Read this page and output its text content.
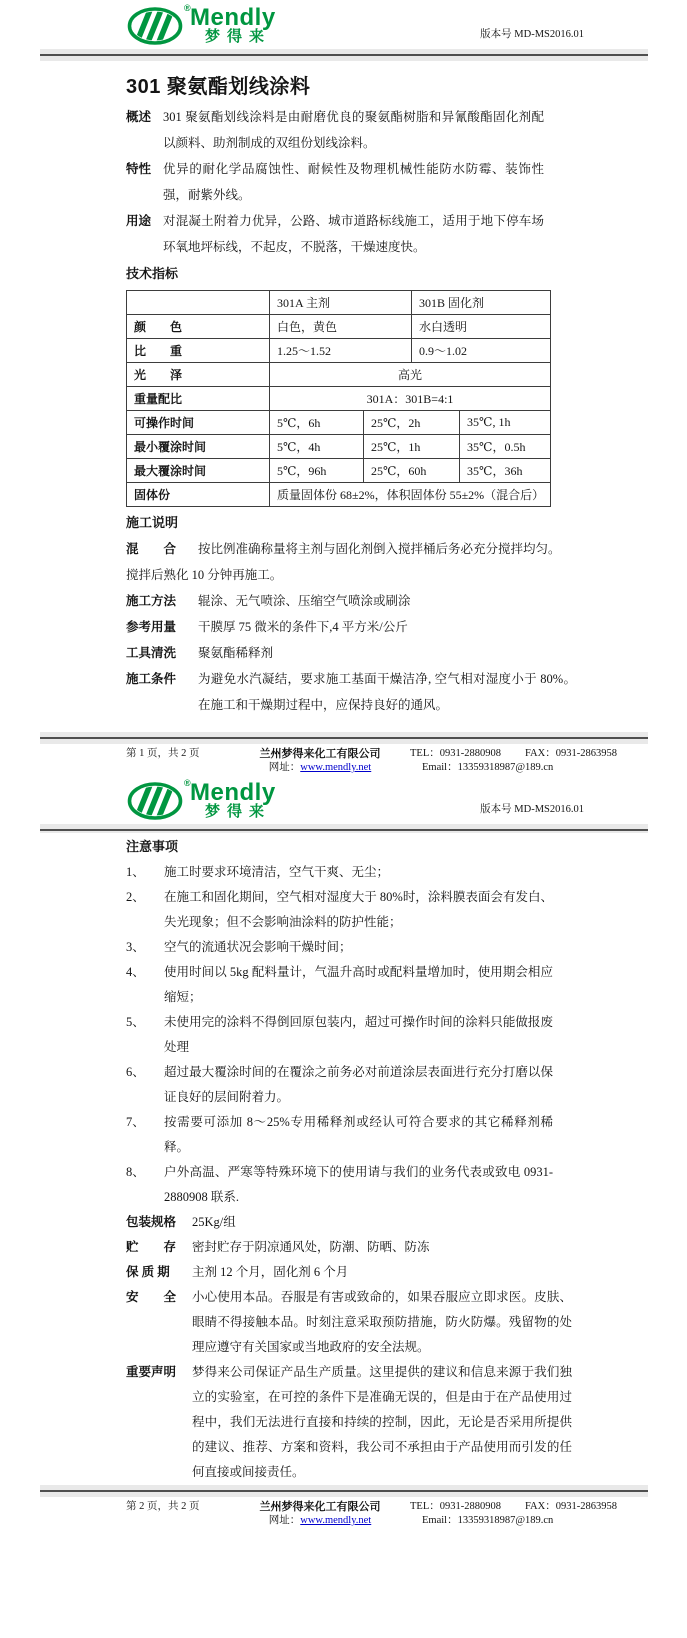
® Mendly
梦得来	版本号 MD-MS2016.01
301 聚氨酯划线涂料
概述 301 聚氨酯划线涂料是由耐磨优良的聚氨酯树脂和异氰酸酯固化剂配以颜料、助剂制成的双组份划线涂料。
特性 优异的耐化学品腐蚀性、耐候性及物理机械性能防水防霉、装饰性强，耐紫外线。
用途 对混凝土附着力优异，公路、城市道路标线施工，适用于地下停车场环氧地坪标线，不起皮，不脱落，干燥速度快。
技术指标
	301A 主剂		301B 固化剂	
颜　　色	白色，黄色		水白透明	
比　　重	1.25～1.52		0.9～1.02	
光　　泽	高光			
重量配比	301A：301B=4:1			
可操作时间	5℃，6h	25℃，2h		35℃, 1h
最小覆涂时间	5℃，4h	25℃，1h		35℃，0.5h
最大覆涂时间	5℃，96h	25℃，60h		35℃，36h
固体份	质量固体份 68±2%，体积固体份 55±2%（混合后）			
施工说明
混　　合	按比例准确称量将主剂与固化剂倒入搅拌桶后务必充分搅拌均匀。
搅拌后熟化 10 分钟再施工。
施工方法	辊涂、无气喷涂、压缩空气喷涂或刷涂
参考用量	干膜厚 75 微米的条件下,4 平方米/公斤
工具清洗	聚氨酯稀释剂
施工条件	为避免水汽凝结，要求施工基面干燥洁净, 空气相对湿度小于 80%。在施工和干燥期过程中，应保持良好的通风。
第 1 页，共 2 页	兰州梦得来化工有限公司	TEL：0931-2880908 FAX：0931-2863958
网址：www.mendly.net	Email：13359318987@189.cn
® Mendly
梦得来	版本号 MD-MS2016.01
注意事项
1、	施工时要求环境清洁，空气干爽、无尘；
2、	在施工和固化期间，空气相对湿度大于 80%时，涂料膜表面会有发白、失光现象；但不会影响油涂料的防护性能；
3、	空气的流通状况会影响干燥时间；
4、	使用时间以 5kg 配料量计，气温升高时或配料量增加时，使用期会相应缩短；
5、	未使用完的涂料不得倒回原包装内，超过可操作时间的涂料只能做报废处理
6、	超过最大覆涂时间的在覆涂之前务必对前道涂层表面进行充分打磨以保证良好的层间附着力。
7、	按需要可添加 8～25%专用稀释剂或经认可符合要求的其它稀释剂稀释。
8、	户外高温、严寒等特殊环境下的使用请与我们的业务代表或致电 0931-2880908 联系.
包装规格	25Kg/组
贮　　存	密封贮存于阴凉通风处，防潮、防晒、防冻
保 质 期	主剂 12 个月，固化剂 6 个月
安　　全	小心使用本品。吞服是有害或致命的，如果吞服应立即求医。皮肤、眼睛不得接触本品。时刻注意采取预防措施，防火防爆。残留物的处理应遵守有关国家或当地政府的安全法规。
重要声明	梦得来公司保证产品生产质量。这里提供的建议和信息来源于我们独立的实验室，在可控的条件下是准确无误的，但是由于在产品使用过程中，我们无法进行直接和持续的控制，因此，无论是否采用所提供的建议、推荐、方案和资料，我公司不承担由于产品使用而引发的任何直接或间接责任。
第 2 页，共 2 页	兰州梦得来化工有限公司	TEL：0931-2880908 FAX：0931-2863958
网址：www.mendly.net	Email：13359318987@189.cn
